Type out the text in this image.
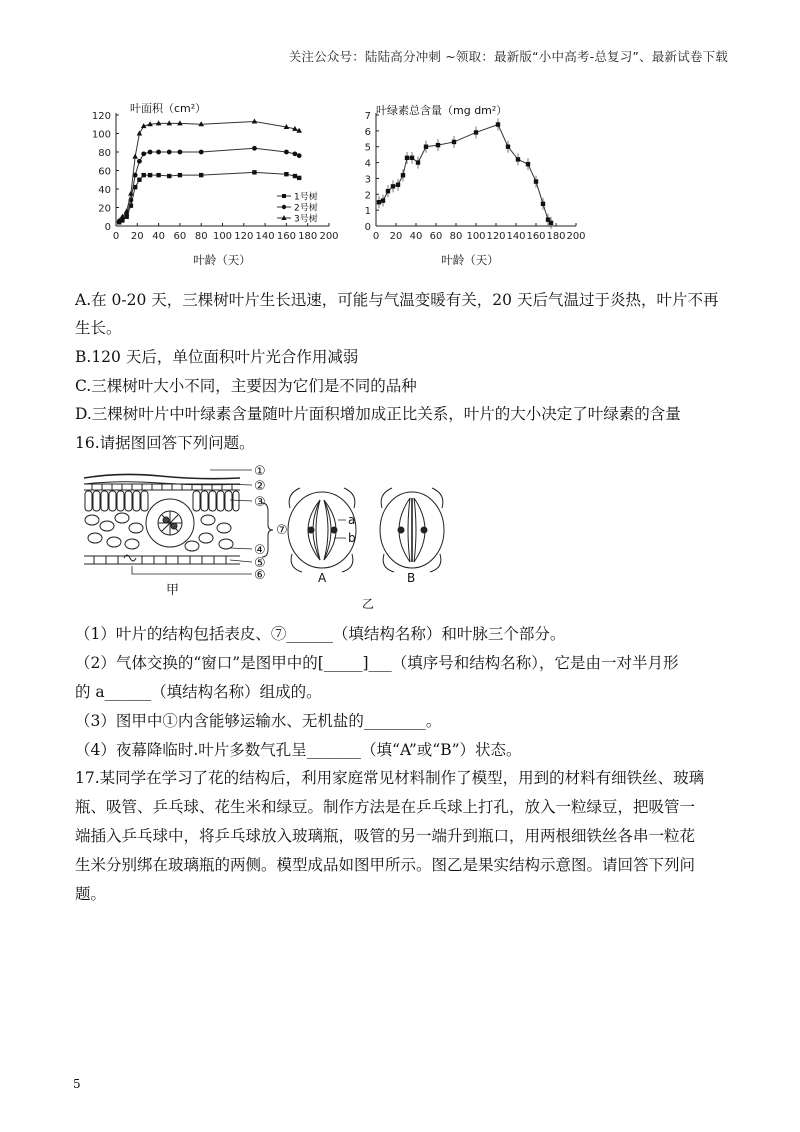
关注公众号：陆陆高分冲刺 ~领取：最新版“小中高考-总复习”、最新试卷下载
0 20 40 60 80 100 120 140 160 180 200
0
20
40
60
80
100
120
叶面积（cm²）
叶龄（天）
1号树
2号树
3号树
0 20 40 60 80 100 120 140 160 180 200
0
1
2
3
4
5
6
7 叶绿素总含量（mg dm²）
叶龄（天）
A.在 0-20 天，三棵树叶片生长迅速，可能与气温变暖有关，20 天后气温过于炎热，叶片不再
生长。
B.120 天后，单位面积叶片光合作用减弱
C.三棵树叶大小不同，主要因为它们是不同的品种
D.三棵树叶片中叶绿素含量随叶片面积增加成正比关系，叶片的大小决定了叶绿素的含量
16.请据图回答下列问题。
①
②
③
④
⑤
⑥
⑦
甲
a
b
A	B
乙
（1）叶片的结构包括表皮、⑦______（填结构名称）和叶脉三个部分。
（2）气体交换的“窗口”是图甲中的[_____]___（填序号和结构名称），它是由一对半月形
的 a______（填结构名称）组成的。
（3）图甲中①内含能够运输水、无机盐的________。
（4）夜幕降临时.叶片多数气孔呈_______（填“A”或“B”）状态。
17.某同学在学习了花的结构后，利用家庭常见材料制作了模型，用到的材料有细铁丝、玻璃
瓶、吸管、乒乓球、花生米和绿豆。制作方法是在乒乓球上打孔，放入一粒绿豆，把吸管一
端插入乒乓球中，将乒乓球放入玻璃瓶，吸管的另一端升到瓶口，用两根细铁丝各串一粒花
生米分别绑在玻璃瓶的两侧。模型成品如图甲所示。图乙是果实结构示意图。请回答下列问
题。
5
